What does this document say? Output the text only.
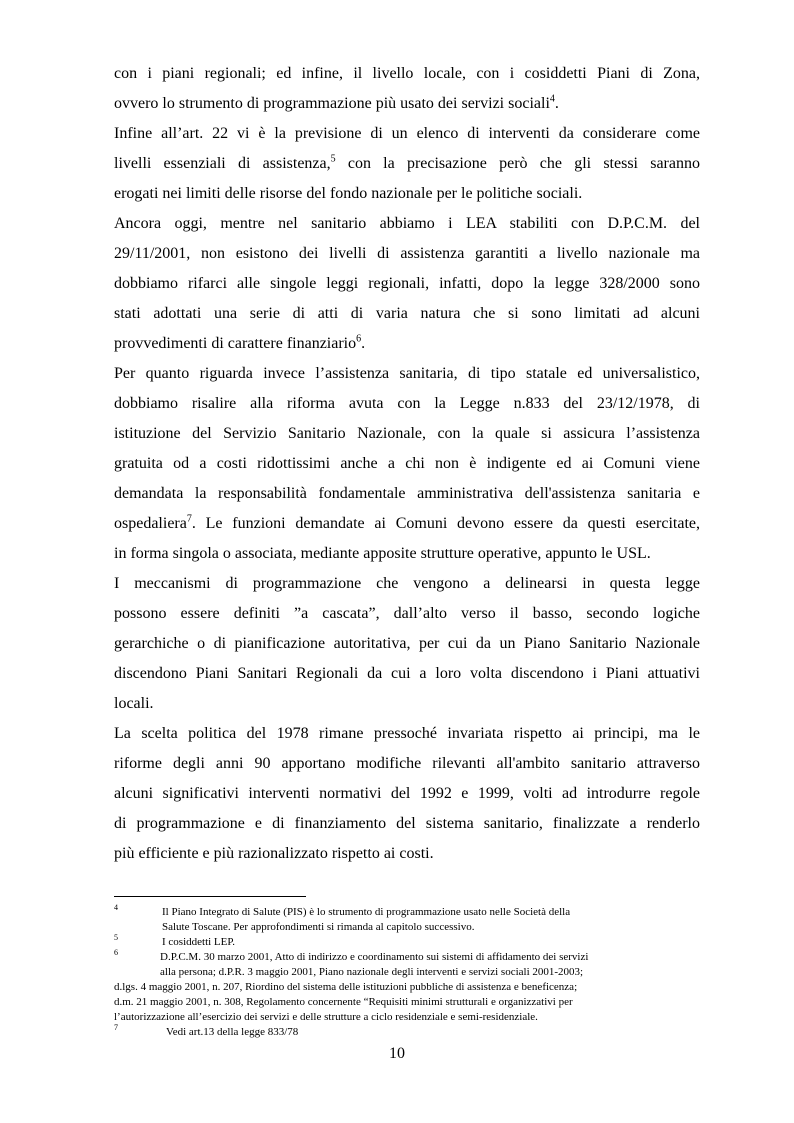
con i piani regionali; ed infine, il livello locale, con i cosiddetti Piani di Zona,
ovvero lo strumento di programmazione più usato dei servizi sociali$^4$.
Infine all’art. 22 vi è la previsione di un elenco di interventi da considerare come
livelli essenziali di assistenza,$^5$ con la precisazione però che gli stessi saranno
erogati nei limiti delle risorse del fondo nazionale per le politiche sociali.
Ancora oggi, mentre nel sanitario abbiamo i LEA stabiliti con D.P.C.M. del
29/11/2001, non esistono dei livelli di assistenza garantiti a livello nazionale ma
dobbiamo rifarci alle singole leggi regionali, infatti, dopo la legge 328/2000 sono
stati adottati una serie di atti di varia natura che si sono limitati ad alcuni
provvedimenti di carattere finanziario$^6$.
Per quanto riguarda invece l’assistenza sanitaria, di tipo statale ed universalistico,
dobbiamo risalire alla riforma avuta con la Legge n.833 del 23/12/1978, di
istituzione del Servizio Sanitario Nazionale, con la quale si assicura l’assistenza
gratuita od a costi ridottissimi anche a chi non è indigente ed ai Comuni viene
demandata la responsabilità fondamentale amministrativa dell'assistenza sanitaria e
ospedaliera$^7$. Le funzioni demandate ai Comuni devono essere da questi esercitate,
in forma singola o associata, mediante apposite strutture operative, appunto le USL.
I meccanismi di programmazione che vengono a delinearsi in questa legge
possono essere definiti ”a cascata”, dall’alto verso il basso, secondo logiche
gerarchiche o di pianificazione autoritativa, per cui da un Piano Sanitario Nazionale
discendono Piani Sanitari Regionali da cui a loro volta discendono i Piani attuativi
locali.
La scelta politica del 1978 rimane pressoché invariata rispetto ai principi, ma le
riforme degli anni 90 apportano modifiche rilevanti all'ambito sanitario attraverso
alcuni significativi interventi normativi del 1992 e 1999, volti ad introdurre regole
di programmazione e di finanziamento del sistema sanitario, finalizzate a renderlo
più efficiente e più razionalizzato rispetto ai costi.
4	Il Piano Integrato di Salute (PIS) è lo strumento di programmazione usato nelle Società della
Salute Toscane. Per approfondimenti si rimanda al capitolo successivo.
5	I cosiddetti LEP.
6	D.P.C.M. 30 marzo 2001, Atto di indirizzo e coordinamento sui sistemi di affidamento dei servizi
alla persona; d.P.R. 3 maggio 2001, Piano nazionale degli interventi e servizi sociali 2001-2003;
d.lgs. 4 maggio 2001, n. 207, Riordino del sistema delle istituzioni pubbliche di assistenza e beneficenza;
d.m. 21 maggio 2001, n. 308, Regolamento concernente “Requisiti minimi strutturali e organizzativi per
l’autorizzazione all’esercizio dei servizi e delle strutture a ciclo residenziale e semi-residenziale.
7	Vedi art.13 della legge 833/78
10
